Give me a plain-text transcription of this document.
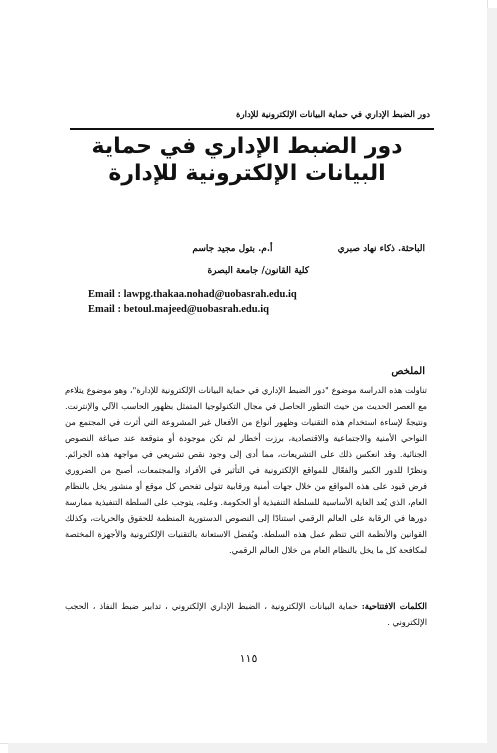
دور الضبط الإداري في حماية البيانات الإلكترونية للإدارة
دور الضبط الإداري في حماية البيانات الإلكترونية للإدارة
الباحثة. ذكاء نهاد صبري أ.م. بتول مجيد جاسم
كلية القانون/ جامعة البصرة
Email : lawpg.thakaa.nohad@uobasrah.edu.iq
Email : betoul.majeed@uobasrah.edu.iq
الملخص
تناولت هذه الدراسة موضوع "دور الضبط الإداري في حماية البيانات الإلكترونية للإدارة"، وهو موضوع يتلاءم مع العصر الحديث من حيث التطور الحاصل في مجال التكنولوجيا المتمثل بظهور الحاسب الآلي والإنترنت. ونتيجةً لإساءة استخدام هذه التقنيات وظهور أنواع من الأفعال غير المشروعة التي أثرت في المجتمع من النواحي الأمنية والاجتماعية والاقتصادية، برزت أخطار لم تكن موجودة أو متوقعة عند صياغة النصوص الجنائية. وقد انعكس ذلك على التشريعات، مما أدى إلى وجود نقص تشريعي في مواجهة هذه الجرائم. ونظرًا للدور الكبير والفعّال للمواقع الإلكترونية في التأثير في الأفراد والمجتمعات، أصبح من الضروري فرض قيود على هذه المواقع من خلال جهات أمنية ورقابية تتولى تفحص كل موقع أو منشور يخل بالنظام العام، الذي يُعد الغاية الأساسية للسلطة التنفيذية أو الحكومة. وعليه، يتوجب على السلطة التنفيذية ممارسة دورها في الرقابة على العالم الرقمي استنادًا إلى النصوص الدستورية المنظمة للحقوق والحريات، وكذلك القوانين والأنظمة التي تنظم عمل هذه السلطة. ويُفضل الاستعانة بالتقنيات الإلكترونية والأجهزة المختصة لمكافحة كل ما يخل بالنظام العام من خلال العالم الرقمي.
الكلمات الافتتاحية: حماية البيانات الإلكترونية ، الضبط الإداري الإلكتروني ، تدابير ضبط النفاذ ، الحجب الإلكتروني .
١١٥
